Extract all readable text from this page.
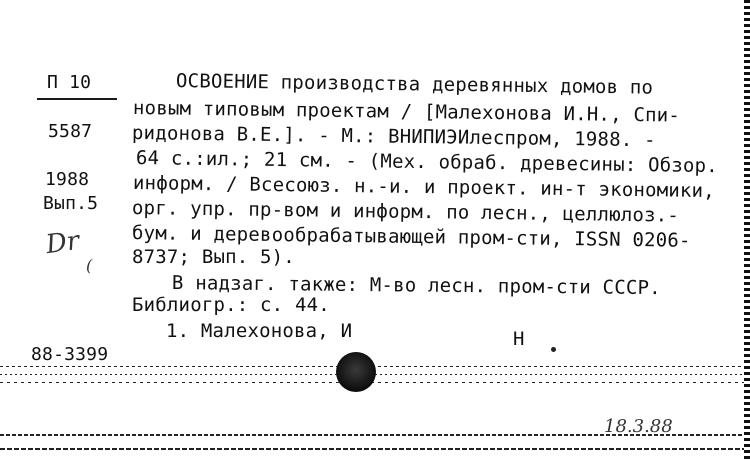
П 10
5587
1988
Вып.5
Dr
(
ОСВОЕНИЕ производства деревянных домов по
новым типовым проектам / [Малехонова И.Н., Спи-
ридонова В.Е.]. - М.: ВНИПИЭИлеспром, 1988. -
64 с.:ил.; 21 см. - (Мех. обраб. древесины: Обзор.
информ. / Всесоюз. н.-и. и проект. ин-т экономики,
орг. упр. пр-вом и информ. по лесн., целлюлоз.-
бум. и деревообрабатывающей пром-сти, ISSN 0206-
8737; Вып. 5).
В надзаг. также: М-во лесн. пром-сти СССР.
Библиогр.: с. 44.
1. Малехонова, И	Н
88-3399
18.3.88
